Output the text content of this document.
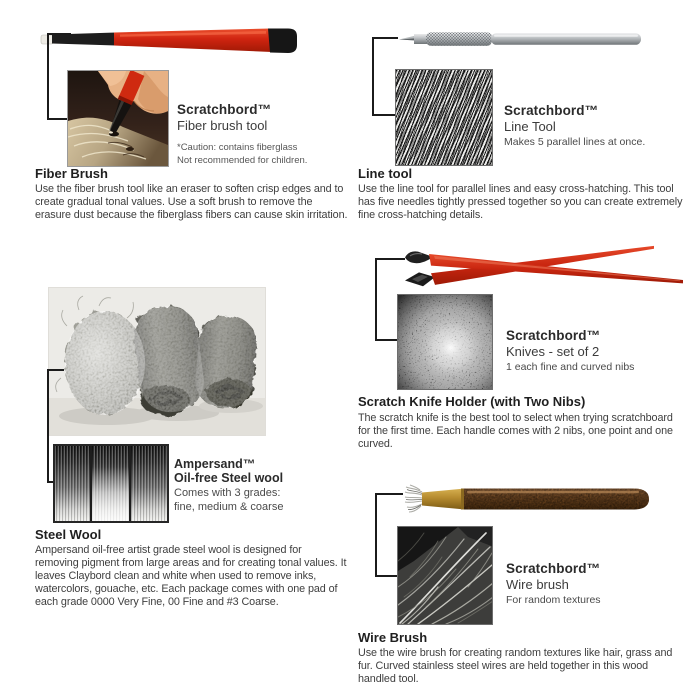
Scratchbord™
Fiber brush tool
*Caution: contains fiberglass
Not recommended for children.
Fiber Brush
Use the fiber brush tool like an eraser to soften crisp edges and to create gradual tonal values. Use a soft brush to remove the erasure dust because the fiberglass fibers can cause skin irritation.
Scratchbord™
Line Tool
Makes 5 parallel lines at once.
Line tool
Use the line tool for parallel lines and easy cross-hatching. This tool has five needles tightly pressed together so you can create extremely fine cross-hatching details.
Scratchbord™
Knives - set of 2
1 each fine and curved nibs
Scratch Knife Holder (with Two Nibs)
The scratch knife is the best tool to select when trying scratchboard for the first time. Each handle comes with 2 nibs, one point and one curved.
Ampersand™
Oil-free Steel wool
Comes with 3 grades:
fine, medium & coarse
Steel Wool
Ampersand oil-free artist grade steel wool is designed for removing pigment from large areas and for creating tonal values. It leaves Claybord clean and white when used to remove inks, watercolors, gouache, etc. Each package comes with one pad of each grade 0000 Very Fine, 00 Fine and #3 Coarse.
Scratchbord™
Wire brush
For random textures
Wire Brush
Use the wire brush for creating random textures like hair, grass and fur. Curved stainless steel wires are held together in this wood handled tool.
